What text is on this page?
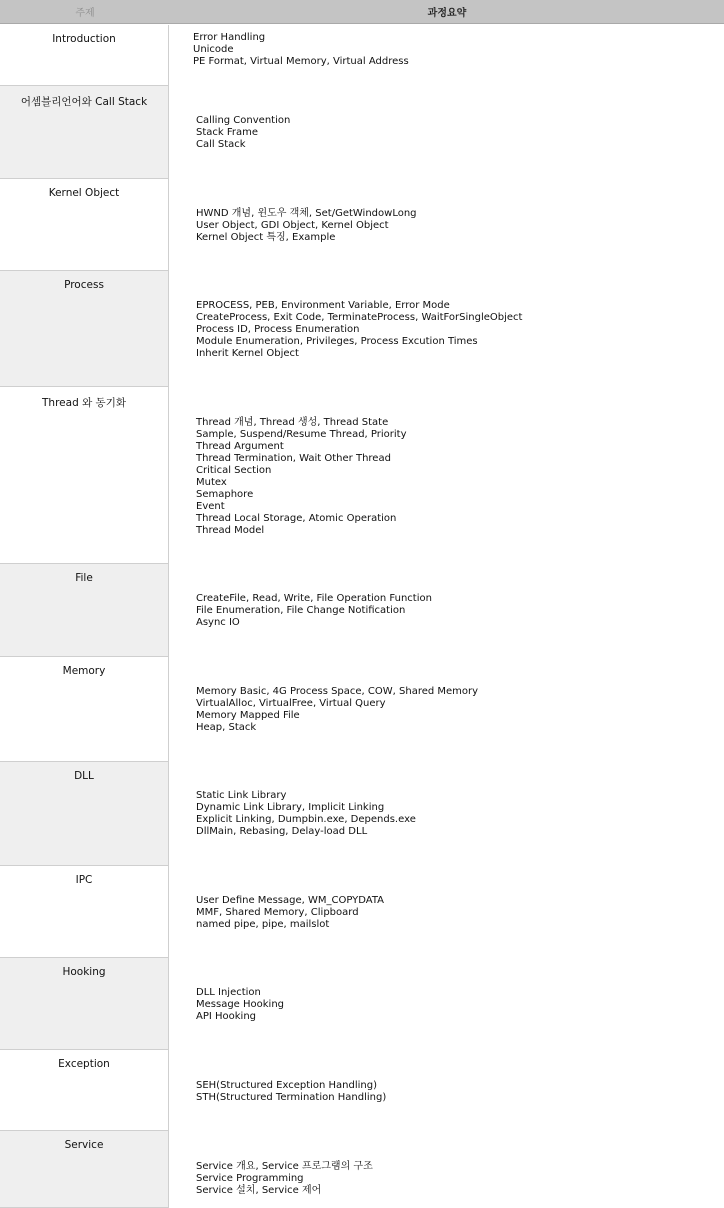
주제	과정요약
Introduction	Error Handling
Unicode
PE Format, Virtual Memory, Virtual Address
어셈블리언어와 Call Stack
Calling Convention
Stack Frame
Call Stack
Kernel Object
HWND 개념, 윈도우 객체, Set/GetWindowLong
User Object, GDI Object, Kernel Object
Kernel Object 특징, Example
Process
EPROCESS, PEB, Environment Variable, Error Mode
CreateProcess, Exit Code, TerminateProcess, WaitForSingleObject
Process ID, Process Enumeration
Module Enumeration, Privileges, Process Excution Times
Inherit Kernel Object
Thread 와 동기화
Thread 개념, Thread 생성, Thread State
Sample, Suspend/Resume Thread, Priority
Thread Argument
Thread Termination, Wait Other Thread
Critical Section
Mutex
Semaphore
Event
Thread Local Storage, Atomic Operation
Thread Model
File
CreateFile, Read, Write, File Operation Function
File Enumeration, File Change Notification
Async IO
Memory
Memory Basic, 4G Process Space, COW, Shared Memory
VirtualAlloc, VirtualFree, Virtual Query
Memory Mapped File
Heap, Stack
DLL
Static Link Library
Dynamic Link Library, Implicit Linking
Explicit Linking, Dumpbin.exe, Depends.exe
DllMain, Rebasing, Delay-load DLL
IPC
User Define Message, WM_COPYDATA
MMF, Shared Memory, Clipboard
named pipe, pipe, mailslot
Hooking
DLL Injection
Message Hooking
API Hooking
Exception
SEH(Structured Exception Handling)
STH(Structured Termination Handling)
Service
Service 개요, Service 프로그램의 구조
Service Programming
Service 설치, Service 제어
